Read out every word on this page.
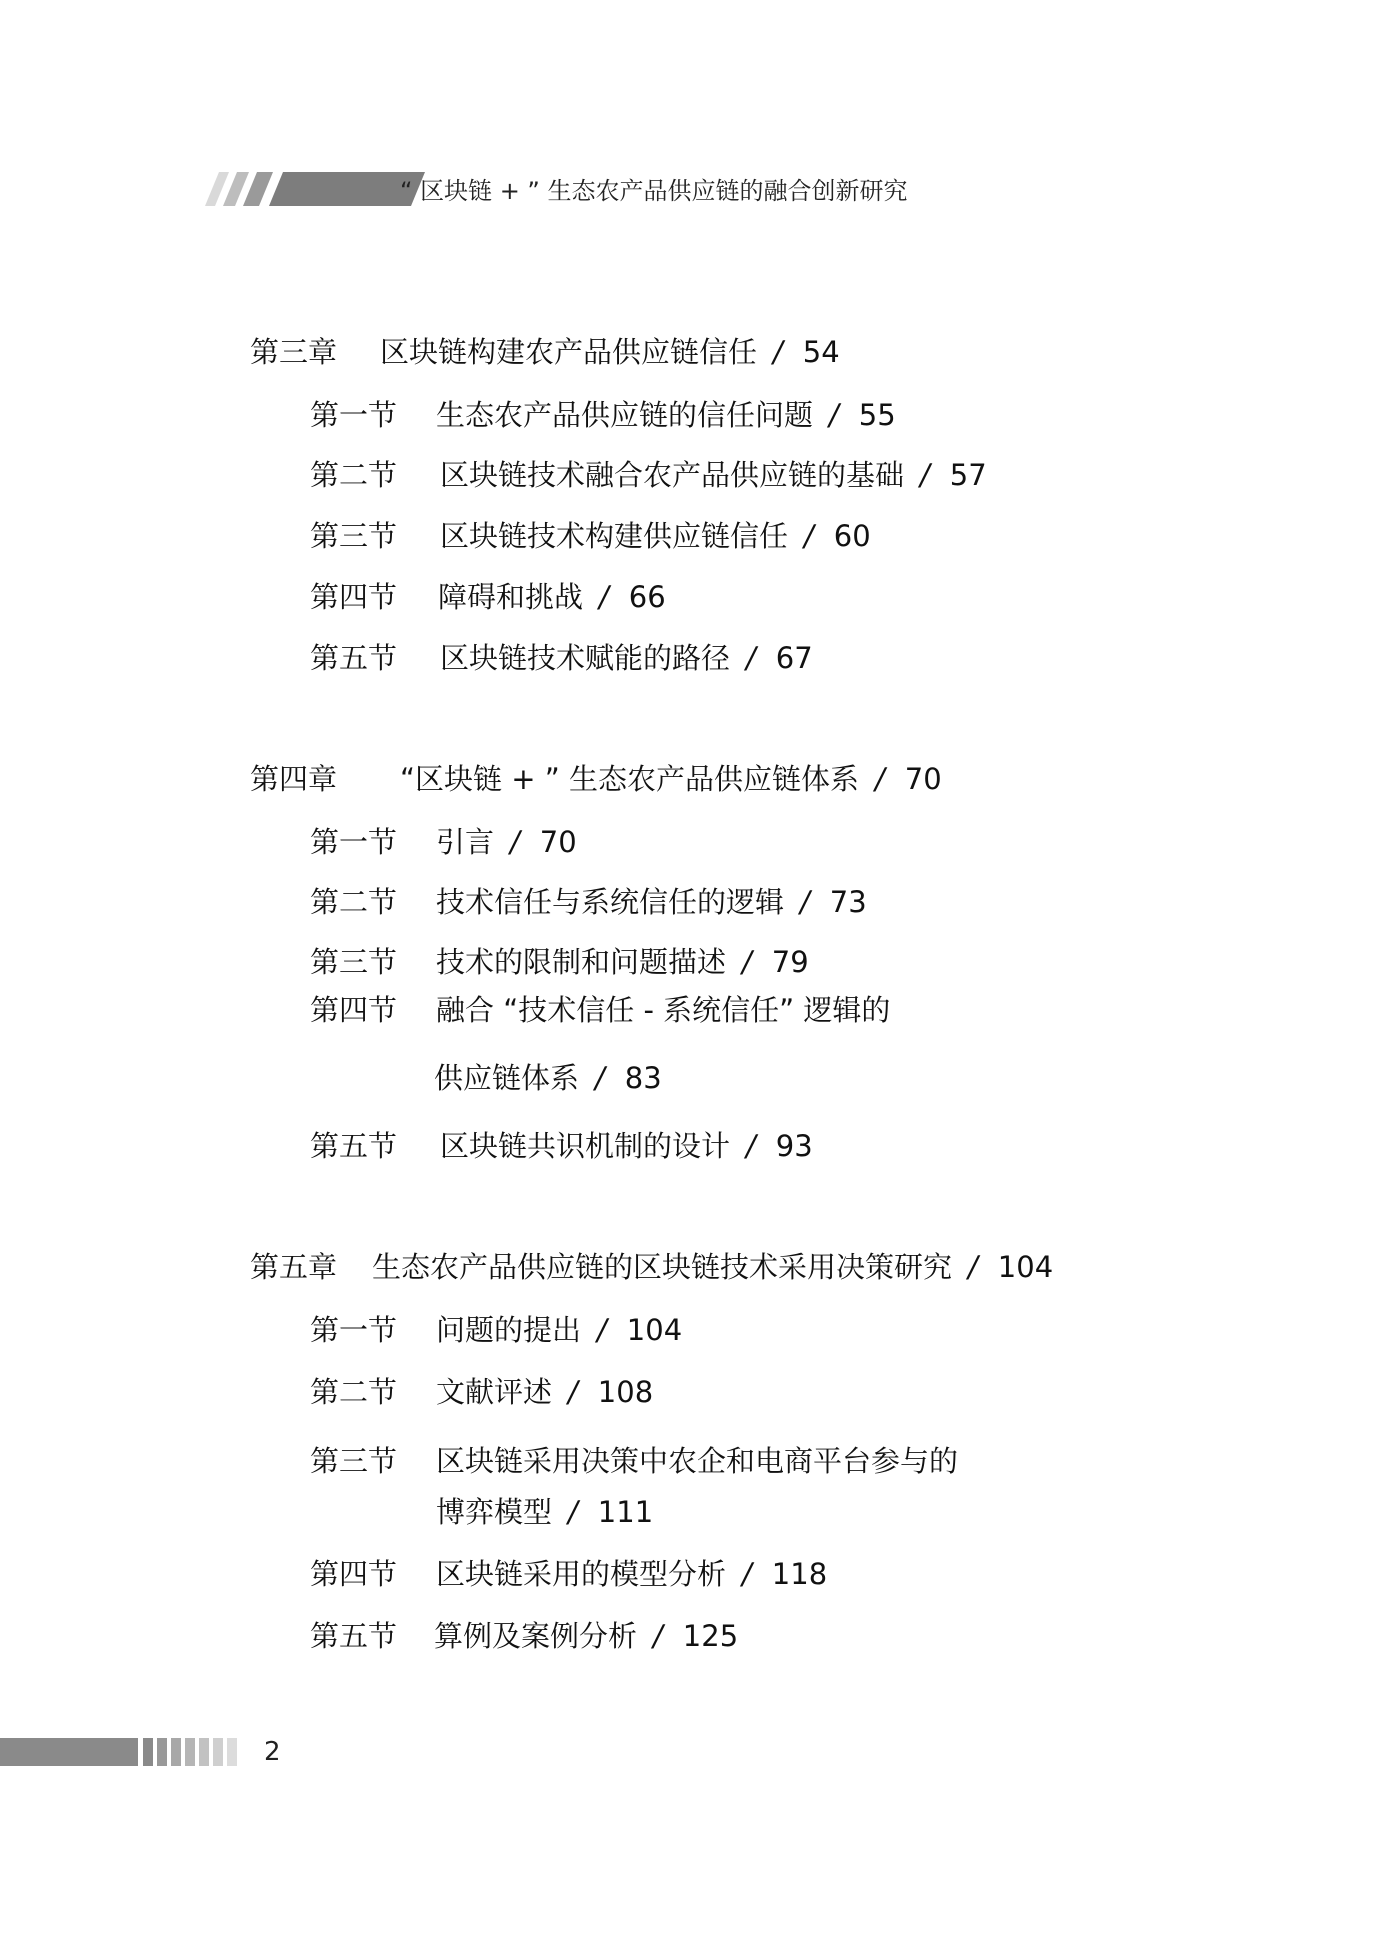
“ 区块链 + ” 生态农产品供应链的融合创新研究
第三章 区块链构建农产品供应链信任 / 54
第一节 生态农产品供应链的信任问题 / 55
第二节 区块链技术融合农产品供应链的基础 / 57
第三节 区块链技术构建供应链信任 / 60
第四节 障碍和挑战 / 66
第五节 区块链技术赋能的路径 / 67
第四章 “区块链 + ” 生态农产品供应链体系 / 70
第一节 引言 / 70
第二节 技术信任与系统信任的逻辑 / 73
第三节 技术的限制和问题描述 / 79
第四节 融合 “技术信任 - 系统信任” 逻辑的
供应链体系 / 83
第五节 区块链共识机制的设计 / 93
第五章 生态农产品供应链的区块链技术采用决策研究 / 104
第一节 问题的提出 / 104
第二节 文献评述 / 108
第三节 区块链采用决策中农企和电商平台参与的
博弈模型 / 111
第四节 区块链采用的模型分析 / 118
第五节 算例及案例分析 / 125
2
